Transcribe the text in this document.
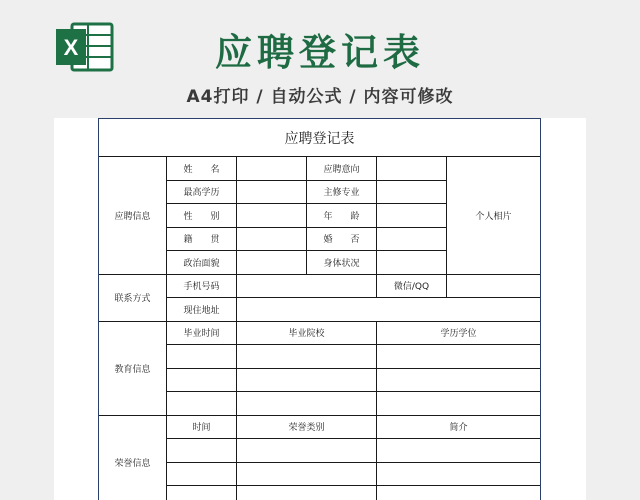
X	应聘登记表
A4打印 / 自动公式 / 内容可修改
应聘登记表					
应聘信息	姓　　名		应聘意向		个人相片
	最高学历		主修专业		
	性　　别		年　　龄		
	籍　　贯		婚　　否		
	政治面貌		身体状况		
联系方式	手机号码			微信/QQ	
	现住地址				
教育信息	毕业时间	毕业院校		学历学位	

荣誉信息	时间	荣誉类别		简介	
